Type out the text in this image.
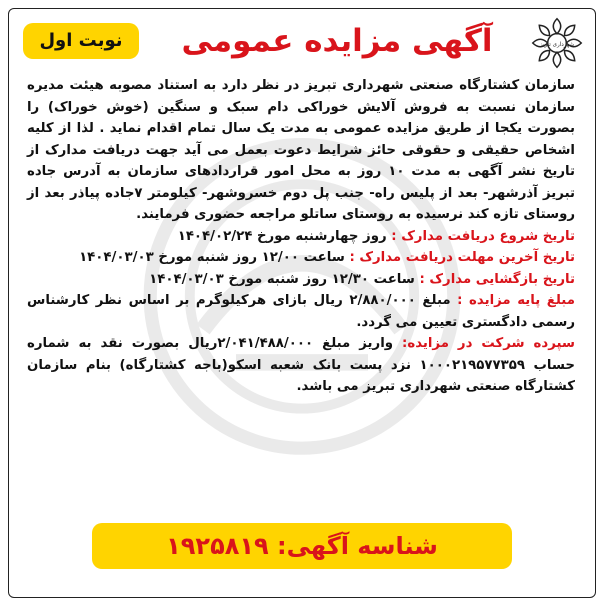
شهرداری تبریز
آگهی مزایده عمومی
نوبت اول

سازمان کشتارگاه صنعتی شهرداری تبریز در نظر دارد به استناد مصوبه هیئت مدیره سازمان نسبت به فروش آلایش خوراکی دام سبک و سنگین (خوش خوراک) را بصورت یکجا از طریق مزایده عمومی به مدت یک سال تمام اقدام نماید . لذا از کلیه اشخاص حقیقی و حقوقی حائز شرایط دعوت بعمل می آید جهت دریافت مدارک از تاریخ نشر آگهی به مدت ۱۰ روز به محل امور قراردادهای سازمان به آدرس جاده تبریز آذرشهر- بعد از پلیس راه- جنب پل دوم خسروشهر- کیلومتر ۷جاده پیاذر بعد از روستای تازه کند نرسیده به روستای ساتلو مراجعه حضوری فرمایند.

تاریخ شروع دریافت مدارک : روز چهارشنبه مورخ ۱۴۰۴/۰۲/۲۴

تاریخ آخرین مهلت دریافت مدارک : ساعت ۱۲/۰۰ روز شنبه مورخ ۱۴۰۴/۰۳/۰۳

تاریخ بازگشایی مدارک : ساعت ۱۲/۳۰ روز شنبه مورخ ۱۴۰۴/۰۳/۰۳

مبلغ پایه مزایده : مبلغ ۲/۸۸۰/۰۰۰ ریال بازای هرکیلوگرم بر اساس نظر کارشناس رسمی دادگستری تعیین می گردد.

سپرده شرکت در مزایده: واریز مبلغ ۲/۰۴۱/۴۸۸/۰۰۰ریال بصورت نقد به شماره حساب ۱۰۰۰۲۱۹۵۷۷۳۵۹ نزد پست بانک شعبه اسکو(باجه کشتارگاه) بنام سازمان کشتارگاه صنعتی شهرداری تبریز می باشد.

شناسه آگهی: ۱۹۲۵۸۱۹
